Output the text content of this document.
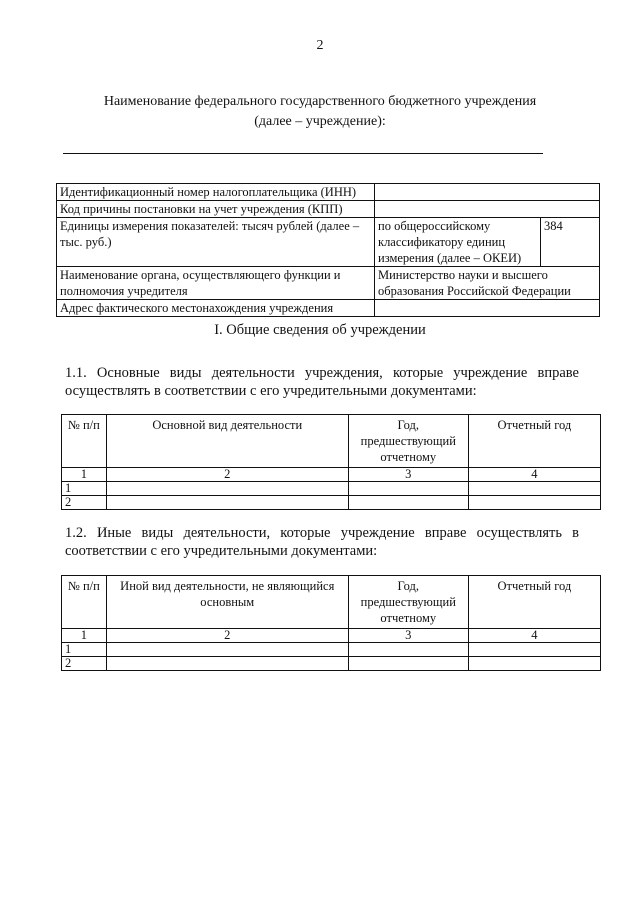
2
Наименование федерального государственного бюджетного учреждения
(далее – учреждение):
Идентификационный номер налогоплательщика (ИНН)		
Код причины постановки на учет учреждения (КПП)		
Единицы измерения показателей: тысяч рублей (далее – тыс. руб.)	по общероссийскому классификатору единиц измерения (далее – ОКЕИ)	384
Наименование органа, осуществляющего функции и полномочия учредителя	Министерство науки и высшего образования Российской Федерации	
Адрес фактического местонахождения учреждения		
I. Общие сведения об учреждении
1.1. Основные виды деятельности учреждения, которые учреждение вправе осуществлять в соответствии с его учредительными документами:
№ п/п	Основной вид деятельности	Год, предшествующий отчетному	Отчетный год
1	2	3	4
1			
2			
1.2. Иные виды деятельности, которые учреждение вправе осуществлять в соответствии с его учредительными документами:
№ п/п	Иной вид деятельности, не являющийся основным	Год, предшествующий отчетному	Отчетный год
1	2	3	4
1			
2			
